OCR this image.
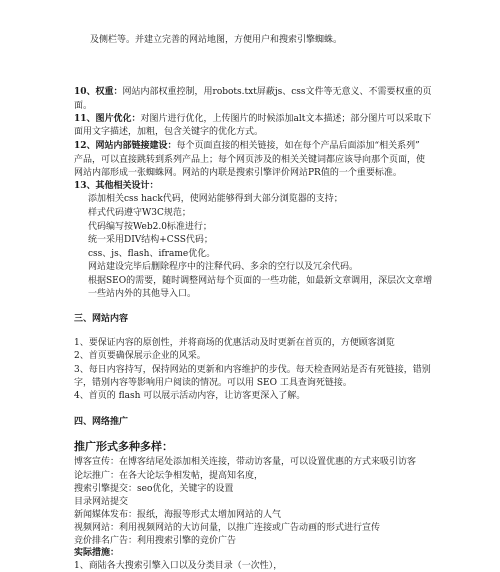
及侧栏等。并建立完善的网站地图，方便用户和搜索引擎蜘蛛。
10、权重：网站内部权重控制，用robots.txt屏蔽js、css文件等无意义、不需要权重的页
面。
11、图片优化：对图片进行优化，上传图片的时候添加alt文本描述；部分图片可以采取下
面用文字描述，加粗，包含关键字的优化方式。
12、网站内部链接建设：每个页面直接的相关链接，如在每个产品后面添加“相关系列”
产品，可以直接跳转到系列产品上；每个网页涉及的相关关键词都应该导向那个页面，使
网站内部形成一张蜘蛛网。网站的内联是搜索引擎评价网站PR值的一个重要标准。
13、其他相关设计：
添加相关css hack代码，使网站能够得到大部分浏览器的支持；
样式代码遵守W3C规范；
代码编写按Web2.0标准进行；
统一采用DIV结构+CSS代码；
css、js、flash、iframe优化。
网站建设完毕后删除程序中的注释代码、多余的空行以及冗余代码。
根据SEO的需要，随时调整网站每个页面的一些功能，如最新文章调用，深层次文章增
一些站内外的其他导入口。
三、网站内容
1、要保证内容的原创性，并将商场的优惠活动及时更新在首页的，方便顾客浏览
2、首页要确保展示企业的风采。
3、每日内容持写，保持网站的更新和内容维护的步伐。每天检查网站是否有死链接，错别
字，错别内容等影响用户阅读的情况。可以用 SEO 工具查询死链接。
4、首页的 flash 可以展示活动内容，让访客更深入了解。
四、网络推广
推广形式多种多样：
博客宣传：在博客结尾处添加相关连接，带动访客量，可以设置优惠的方式来吸引访客
论坛推广：在各大论坛争相发帖，提高知名度，
搜索引擎提交：seo优化，关键字的设置
目录网站提交
新闻媒体发布：报纸，海报等形式太增加网站的人气
视频网站：利用视频网站的大访问量，以推广连接或广告动画的形式进行宣传
竞价排名广告：利用搜索引擎的竞价广告
实际措施：
1、商陆各大搜索引擎入口以及分类目录（一次性），
